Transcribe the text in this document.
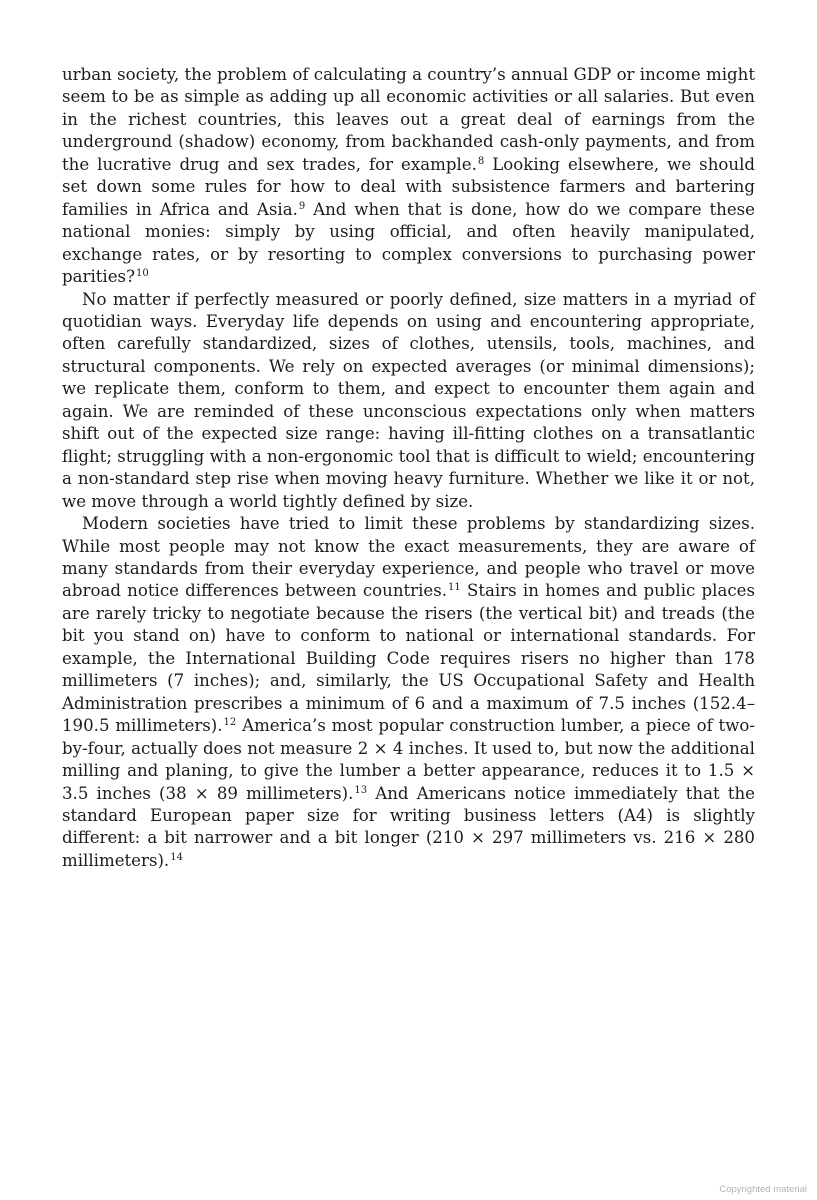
urban society, the problem of calculating a country’s annual GDP or income might seem to be as simple as adding up all economic activities or all salaries. But even in the richest countries, this leaves out a great deal of earnings from the underground (shadow) economy, from backhanded cash-only payments, and from the lucrative drug and sex trades, for example.$^8$ Looking elsewhere, we should set down some rules for how to deal with subsistence farmers and bartering families in Africa and Asia.$^9$ And when that is done, how do we compare these national monies: simply by using official, and often heavily manipulated, exchange rates, or by resorting to complex conversions to purchasing power parities?$^{10}$

No matter if perfectly measured or poorly defined, size matters in a myriad of quotidian ways. Everyday life depends on using and encountering appropriate, often carefully standardized, sizes of clothes, utensils, tools, machines, and structural components. We rely on expected averages (or minimal dimensions); we replicate them, conform to them, and expect to encounter them again and again. We are reminded of these unconscious expectations only when matters shift out of the expected size range: having ill-fitting clothes on a transatlantic flight; struggling with a non-ergonomic tool that is difficult to wield; encountering a non-standard step rise when moving heavy furniture. Whether we like it or not, we move through a world tightly defined by size.

Modern societies have tried to limit these problems by standardizing sizes. While most people may not know the exact measurements, they are aware of many standards from their everyday experience, and people who travel or move abroad notice differences between countries.$^{11}$ Stairs in homes and public places are rarely tricky to negotiate because the risers (the vertical bit) and treads (the bit you stand on) have to conform to national or international standards. For example, the International Building Code requires risers no higher than 178 millimeters (7 inches); and, similarly, the US Occupational Safety and Health Administration prescribes a minimum of 6 and a maximum of 7.5 inches (152.4–190.5 millimeters).$^{12}$ America’s most popular construction lumber, a piece of two-by-four, actually does not measure 2 × 4 inches. It used to, but now the additional milling and planing, to give the lumber a better appearance, reduces it to 1.5 × 3.5 inches (38 × 89 millimeters).$^{13}$ And Americans notice immediately that the standard European paper size for writing business letters (A4) is slightly different: a bit narrower and a bit longer (210 × 297 millimeters vs. 216 × 280 millimeters).$^{14}$

Copyrighted material
